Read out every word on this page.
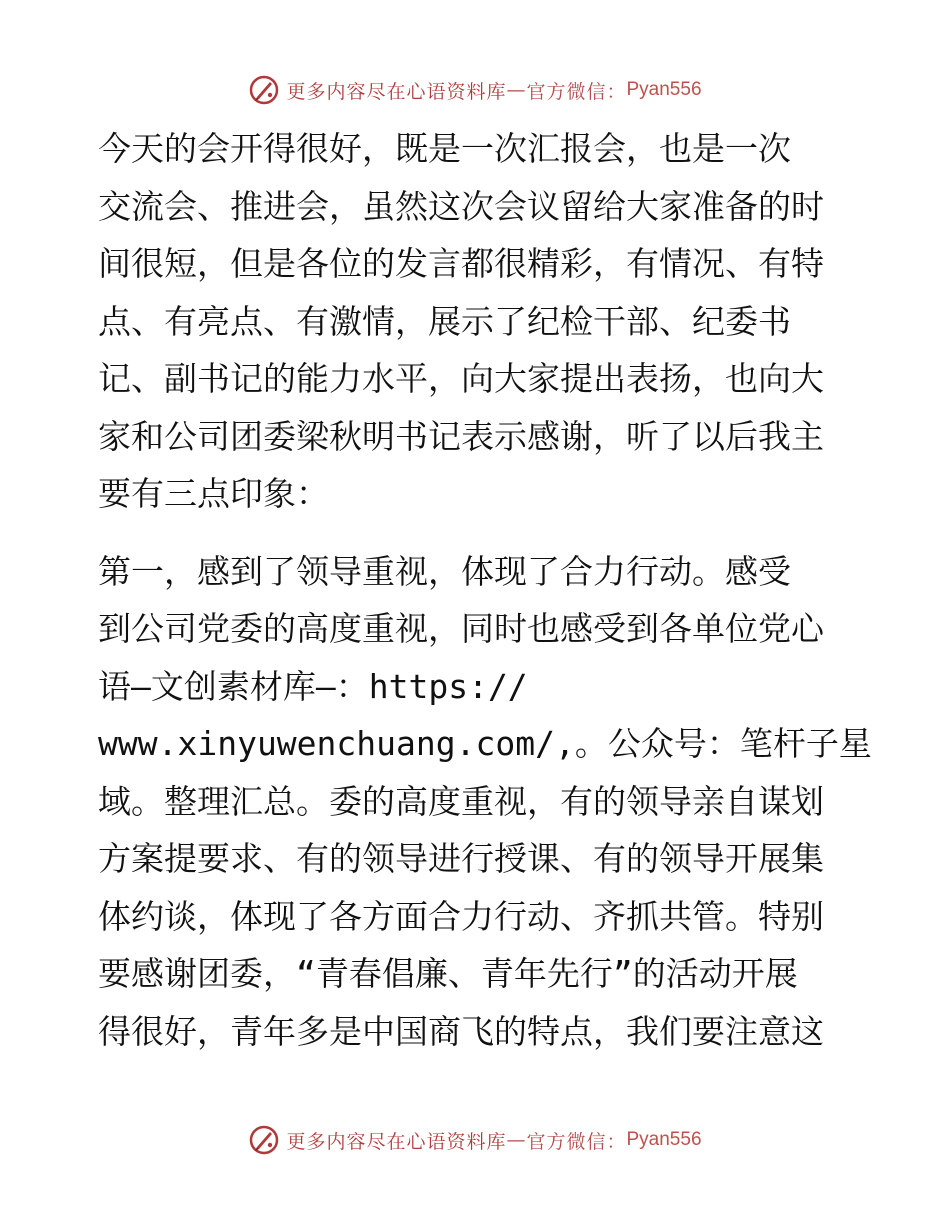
更多内容尽在心语资料库 — 官方微信： Pyan556

今天的会开得很好，既是一次汇报会，也是一次
交流会、推进会，虽然这次会议留给大家准备的时
间很短，但是各位的发言都很精彩，有情况、有特
点、有亮点、有激情，展示了纪检干部、纪委书
记、副书记的能力水平，向大家提出表扬，也向大
家和公司团委梁秋明书记表示感谢，听了以后我主
要有三点印象：

第一，感到了领导重视，体现了合力行动。感受
到公司党委的高度重视，同时也感受到各单位党心
语—文创素材库—：https://
www.xinyuwenchuang.com/,。公众号：笔杆子星
域。整理汇总。委的高度重视，有的领导亲自谋划
方案提要求、有的领导进行授课、有的领导开展集
体约谈，体现了各方面合力行动、齐抓共管。特别
要感谢团委，“青春倡廉、青年先行”的活动开展
得很好，青年多是中国商飞的特点，我们要注意这

更多内容尽在心语资料库 — 官方微信： Pyan556
